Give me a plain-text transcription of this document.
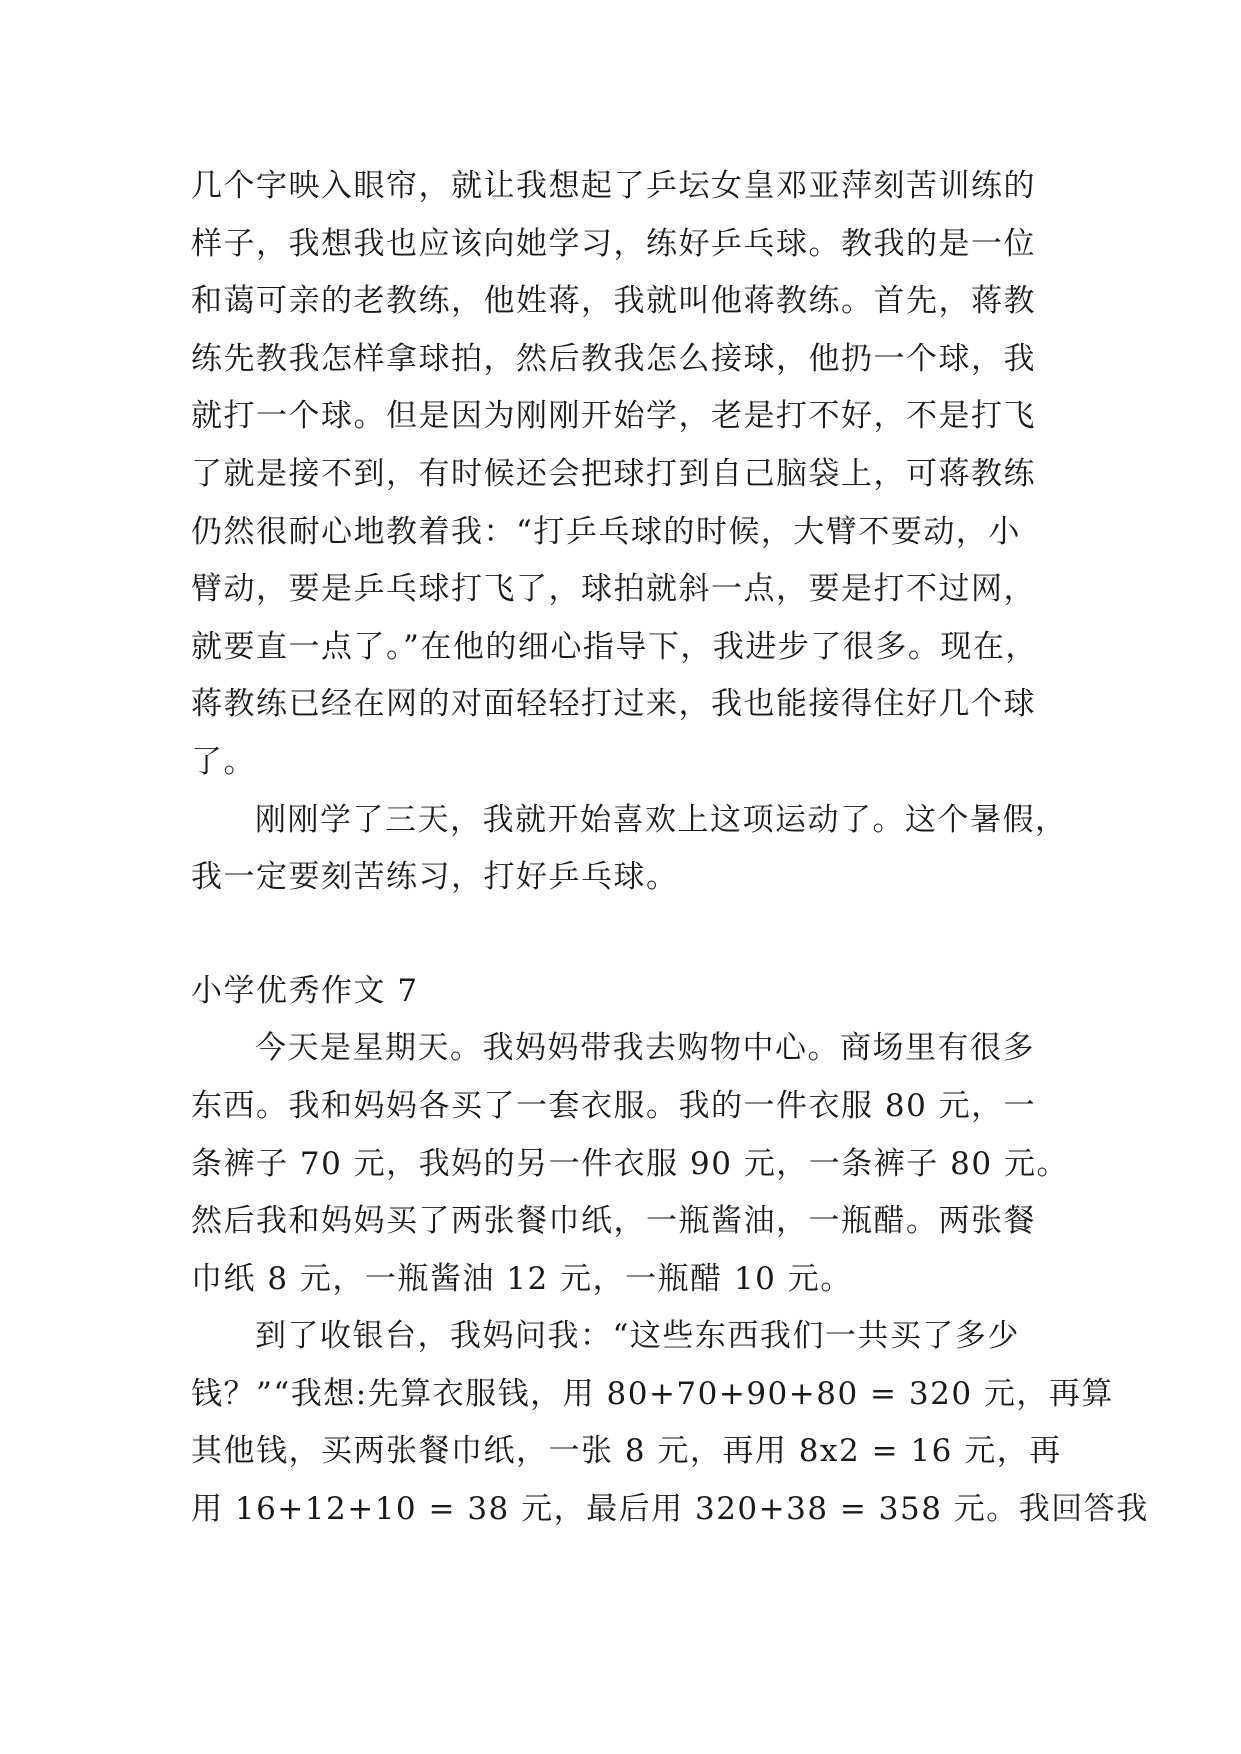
几个字映入眼帘，就让我想起了乒坛女皇邓亚萍刻苦训练的
样子，我想我也应该向她学习，练好乒乓球。教我的是一位
和蔼可亲的老教练，他姓蒋，我就叫他蒋教练。首先，蒋教
练先教我怎样拿球拍，然后教我怎么接球，他扔一个球，我
就打一个球。但是因为刚刚开始学，老是打不好，不是打飞
了就是接不到，有时候还会把球打到自己脑袋上，可蒋教练
仍然很耐心地教着我：“打乒乓球的时候，大臂不要动，小
臂动，要是乒乓球打飞了，球拍就斜一点，要是打不过网，
就要直一点了。”在他的细心指导下，我进步了很多。现在，
蒋教练已经在网的对面轻轻打过来，我也能接得住好几个球
了。
刚刚学了三天，我就开始喜欢上这项运动了。这个暑假，
我一定要刻苦练习，打好乒乓球。
小学优秀作文 7
今天是星期天。我妈妈带我去购物中心。商场里有很多
东西。我和妈妈各买了一套衣服。我的一件衣服 80 元，一
条裤子 70 元，我妈的另一件衣服 90 元，一条裤子 80 元。
然后我和妈妈买了两张餐巾纸，一瓶酱油，一瓶醋。两张餐
巾纸 8 元，一瓶酱油 12 元，一瓶醋 10 元。
到了收银台，我妈问我：“这些东西我们一共买了多少
钱？”“我想:先算衣服钱，用 80+70+90+80 = 320 元，再算
其他钱，买两张餐巾纸，一张 8 元，再用 8x2 = 16 元，再
用 16+12+10 = 38 元，最后用 320+38 = 358 元。我回答我
